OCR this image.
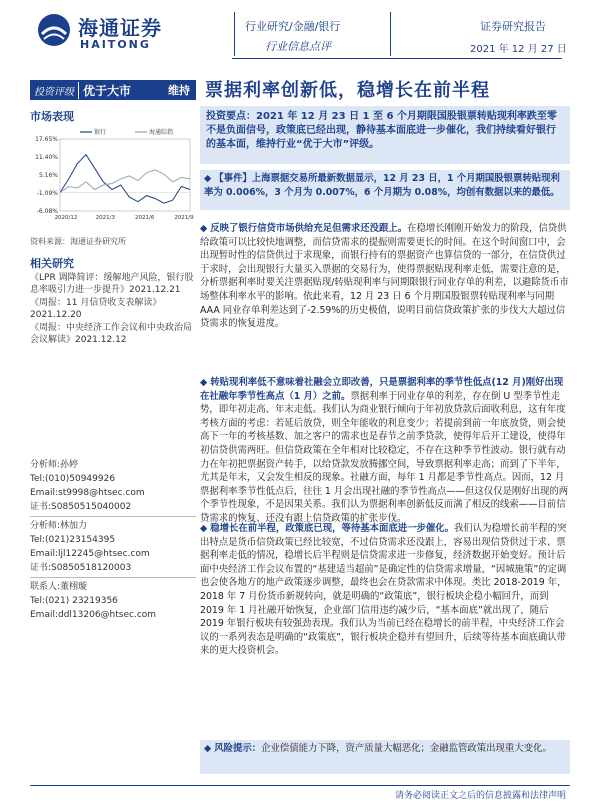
海通证券
HAITONG
行业研究/金融/银行
行业信息点评
证券研究报告
2021 年 12 月 27 日
投资评级 优于大市	维持 票据利率创新低，稳增长在前半程
市场表现
17.65%
11.40%
5.16%
-1.09%
-6.08%
2020/12	2021/3	2021/6	2021/9
银行	海通综指
资料来源：海通证券研究所
相关研究
《LPR 调降简评：缓解地产风险，银行股息率吸引力进一步提升》2021.12.21
《周报：11 月信贷收支表解读》2021.12.20
《周报：中央经济工作会议和中央政治局会议解读》2021.12.12
分析师:孙婷
Tel:(010)50949926
Email:st9998@htsec.com
证书:S0850515040002
分析师:林加力
Tel:(021)23154395
Email:ljl12245@htsec.com
证书:S0850518120003
联系人:董栩璇
Tel:(021) 23219356
Email:ddl13206@htsec.com
投资要点：2021 年 12 月 23 日 1 至 6 个月期限国股银票转贴现利率跌至零不是负面信号，政策底已经出现，静待基本面底进一步催化，我们持续看好银行的基本面，维持行业“优于大市”评级。
◆ 【事件】上海票据交易所最新数据显示，12 月 23 日，1 个月期国股银票转贴现利率为 0.006%，3 个月为 0.007%，6 个月期为 0.08%，均创有数据以来的最低。
◆ 反映了银行信贷市场供给充足但需求还没跟上。在稳增长刚刚开始发力的阶段，信贷供给政策可以比较快地调整，而信贷需求的提振则需要更长的时间。在这个时间窗口中，会出现暂时性的信贷供过于求现象，而银行持有的票据资产也算信贷的一部分，在信贷供过于求时，会出现银行大量买入票据的交易行为，使得票据贴现利率走低，需要注意的是，分析票据利率时要关注票据贴现/转贴现利率与同期限银行同业存单的利差，以避除货币市场整体利率水平的影响。依此来看，12 月 23 日 6 个月期国股银票转贴现利率与同期 AAA 同业存单利差达到了-2.59%的历史极值，说明目前信贷政策扩张的步伐大大超过信贷需求的恢复进度。
◆ 转贴现利率低不意味着社融会立即改善，只是票据利率的季节性低点(12 月)刚好出现在社融年季节性高点（1 月）之前。票据利率于同业存单的利差，存在倒 U 型季节性走势，即年初走高、年末走低。我们认为商业银行倾向于年初放贷款后面收利息，这有年度考核方面的考虑：若延后放贷，则全年能收的利息变少；若提前到前一年底放贷，则会使高下一年的考核基数、加之客户的需求也是春节之前季贷款，使得年后开工建设，使得年初信贷供需两旺。但信贷政策在全年相对比较稳定，不存在这种季节性波动。银行就有动力在年初把票据资产转手，以给贷款发放腾挪空间，导致票据利率走高；而到了下半年，尤其是年末，又会发生相反的现象。社融方面，每年 1 月都是季节性高点。因而，12 月票据利率季节性低点后，往往 1 月会出现社融的季节性高点——但这仅仅是刚好出现的两个季节性现象，不是因果关系。我们认为票据利率创新低反而满了相反的线索——目前信贷需求的恢复、还没有跟上信贷政策的扩张步伐。
◆ 稳增长在前半程，政策底已现，等待基本面底进一步催化。我们认为稳增长前半程的突出特点是货币信贷政策已经比较宽，不过信贷需求还没跟上，容易出现信贷供过于求、票据利率走低的情况，稳增长后半程则是信贷需求进一步修复，经济数据开始变好。预计后面中央经济工作会议布置的“基建适当超前”是确定性的信贷需求增量，“因城施策”的定调也会使各地方的地产政策逐步调整，最终也会在贷款需求中体现。类比 2018-2019 年，2018 年 7 月份货币新规转向，就是明确的“政策底”，银行板块企稳小幅回升，而到 2019 年 1 月社融开始恢复，企业部门信用违约减少后，“基本面底”就出现了，随后 2019 年银行板块有较强劲表现。我们认为当前已经在稳增长的前半程，中央经济工作会议的一系列表态是明确的“政策底”，银行板块企稳并有望回升，后续等待基本面底确认带来的更大投资机会。
◆ 风险提示：企业偿债能力下降，资产质量大幅恶化；金融监管政策出现重大变化。
请务必阅读正文之后的信息披露和法律声明
